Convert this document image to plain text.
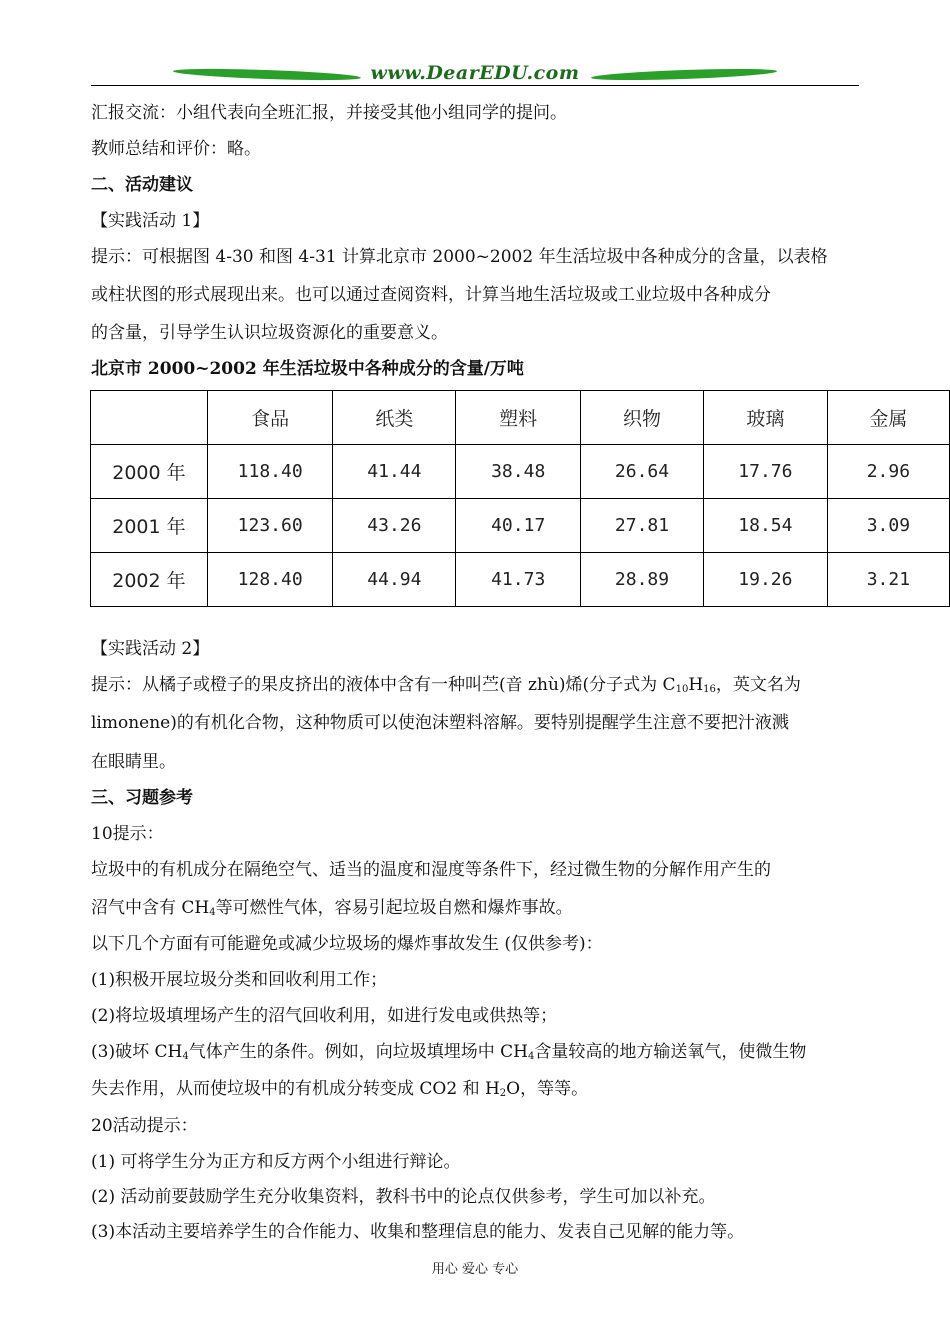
www.DearEDU.com
汇报交流：小组代表向全班汇报，并接受其他小组同学的提问。
教师总结和评价：略。
二、活动建议
【实践活动 1】
提示：可根据图 4-30 和图 4-31 计算北京市 2000~2002 年生活垃圾中各种成分的含量，以表格
或柱状图的形式展现出来。也可以通过查阅资料，计算当地生活垃圾或工业垃圾中各种成分
的含量，引导学生认识垃圾资源化的重要意义。
北京市 2000~2002 年生活垃圾中各种成分的含量/万吨
	食品	纸类	塑料	织物	玻璃	金属
2000 年	118.40	41.44	38.48	26.64	17.76	2.96
2001 年	123.60	43.26	40.17	27.81	18.54	3.09
2002 年	128.40	44.94	41.73	28.89	19.26	3.21
【实践活动 2】
提示：从橘子或橙子的果皮挤出的液体中含有一种叫苎(音 zhù)烯(分子式为 $C_{10}H_{16}$，英文名为
limonene)的有机化合物，这种物质可以使泡沫塑料溶解。要特别提醒学生注意不要把汁液溅
在眼睛里。
三、习题参考
10提示：
垃圾中的有机成分在隔绝空气、适当的温度和湿度等条件下，经过微生物的分解作用产生的
沼气中含有 $CH_4$等可燃性气体，容易引起垃圾自燃和爆炸事故。
以下几个方面有可能避免或减少垃圾场的爆炸事故发生 (仅供参考)：
(1)积极开展垃圾分类和回收利用工作；
(2)将垃圾填埋场产生的沼气回收利用，如进行发电或供热等；
(3)破坏 $CH_4$气体产生的条件。例如，向垃圾填埋场中 $CH_4$含量较高的地方输送氧气，使微生物
失去作用，从而使垃圾中的有机成分转变成 CO2 和 $H_2O$，等等。
20活动提示：
(1) 可将学生分为正方和反方两个小组进行辩论。
(2) 活动前要鼓励学生充分收集资料，教科书中的论点仅供参考，学生可加以补充。
(3)本活动主要培养学生的合作能力、收集和整理信息的能力、发表自己见解的能力等。
用心 爱心 专心
